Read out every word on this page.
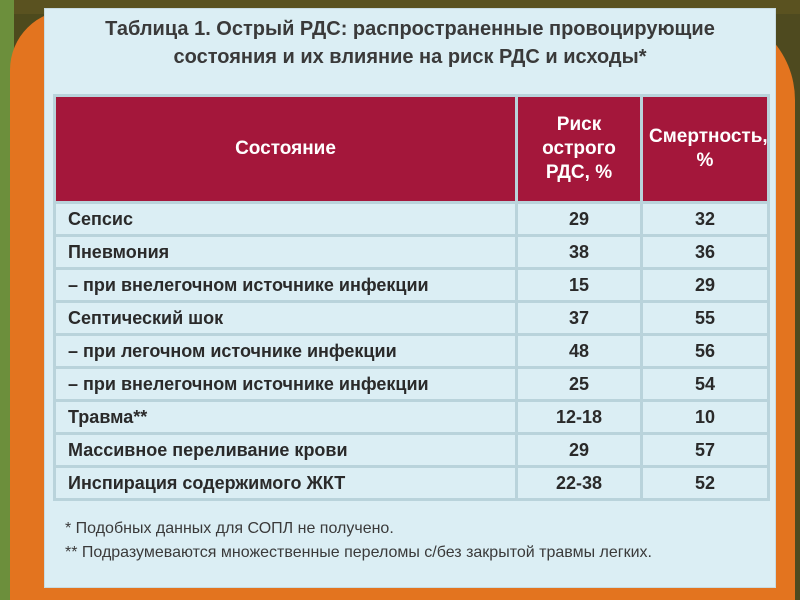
Таблица 1. Острый РДС: распространенные провоцирующие
состояния и их влияние на риск РДС и исходы*
Состояние	Риск острого РДС, %	Смертность, %
Сепсис	29	32
Пневмония	38	36
– при внелегочном источнике инфекции	15	29
Септический шок	37	55
– при легочном источнике инфекции	48	56
– при внелегочном источнике инфекции	25	54
Травма**	12-18	10
Массивное переливание крови	29	57
Инспирация содержимого ЖКТ	22-38	52
* Подобных данных для СОПЛ не получено.
** Подразумеваются множественные переломы с/без закрытой травмы легких.
